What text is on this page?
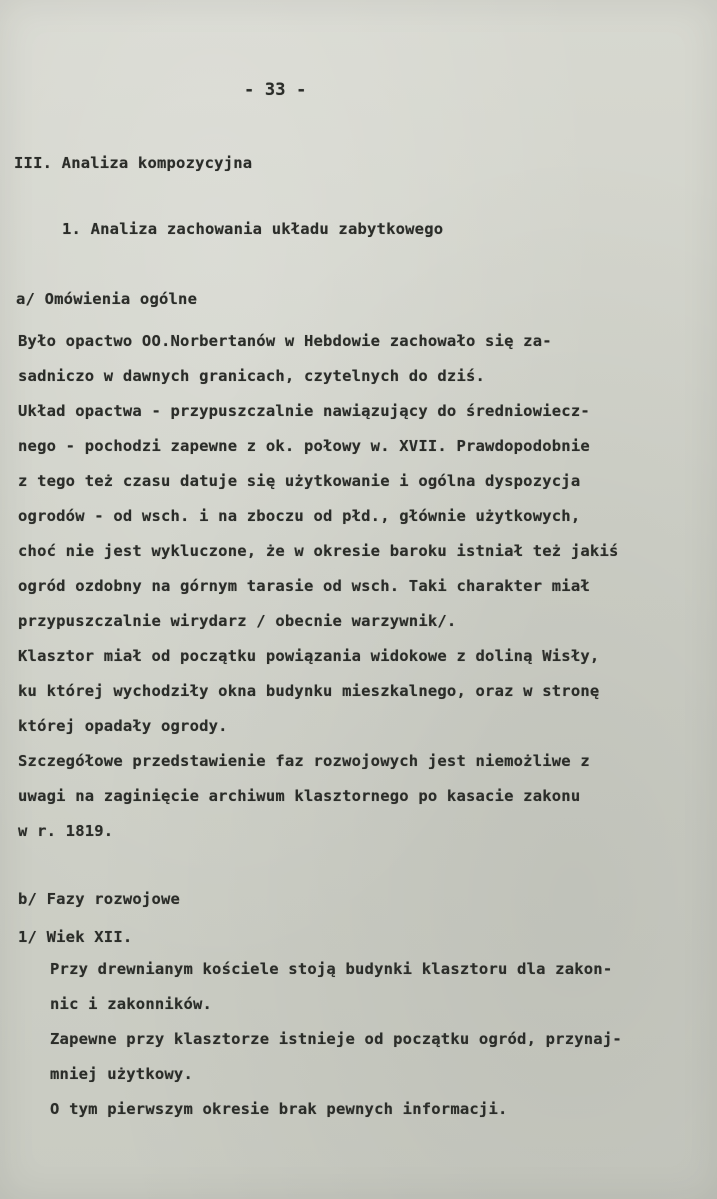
- 33 -
III. Analiza kompozycyjna
1. Analiza zachowania układu zabytkowego
a/ Omówienia ogólne
Było opactwo OO.Norbertanów w Hebdowie zachowało się za-
sadniczo w dawnych granicach, czytelnych do dziś.
Układ opactwa - przypuszczalnie nawiązujący do średniowiecz-
nego - pochodzi zapewne z ok. połowy w. XVII. Prawdopodobnie
z tego też czasu datuje się użytkowanie i ogólna dyspozycja
ogrodów - od wsch. i na zboczu od płd., głównie użytkowych,
choć nie jest wykluczone, że w okresie baroku istniał też jakiś
ogród ozdobny na górnym tarasie od wsch. Taki charakter miał
przypuszczalnie wirydarz / obecnie warzywnik/.
Klasztor miał od początku powiązania widokowe z doliną Wisły,
ku której wychodziły okna budynku mieszkalnego, oraz w stronę
której opadały ogrody.
Szczegółowe przedstawienie faz rozwojowych jest niemożliwe z
uwagi na zaginięcie archiwum klasztornego po kasacie zakonu
w r. 1819.
b/ Fazy rozwojowe
1/ Wiek XII.
Przy drewnianym kościele stoją budynki klasztoru dla zakon-
nic i zakonników.
Zapewne przy klasztorze istnieje od początku ogród, przynaj-
mniej użytkowy.
O tym pierwszym okresie brak pewnych informacji.
